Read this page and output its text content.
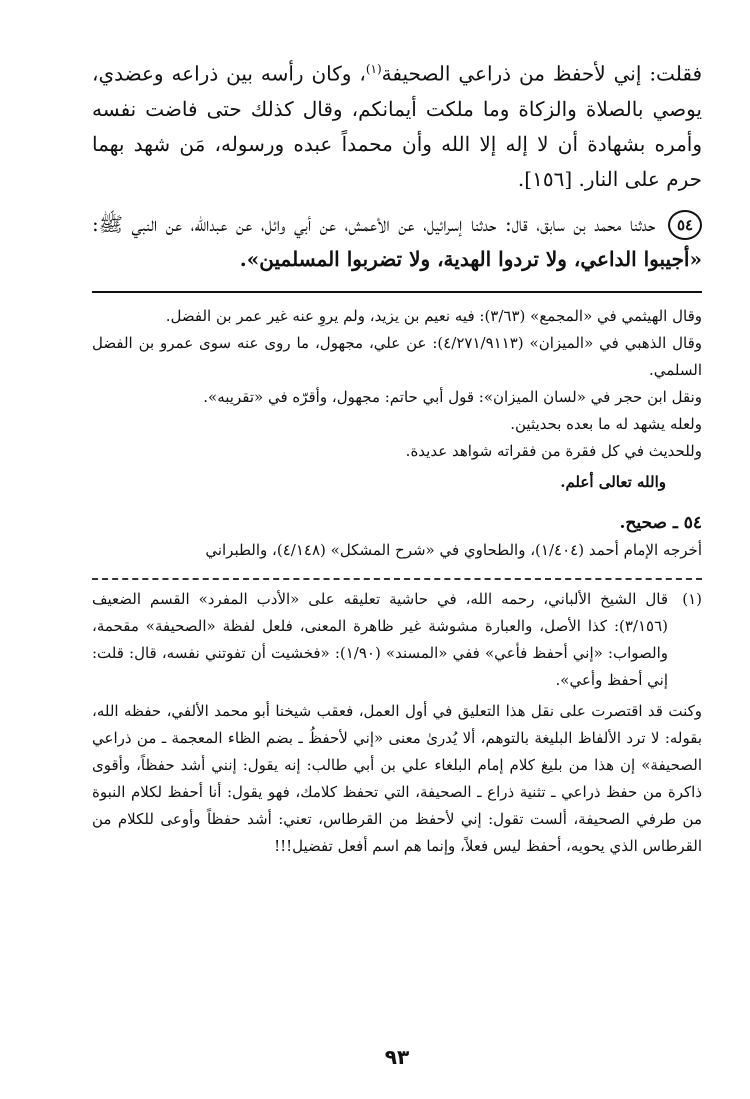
فقلت: إني لأحفظ من ذراعي الصحيفة$^{(١)}$، وكان رأسه بين ذراعه وعضدي، يوصي بالصلاة والزكاة وما ملكت أيمانكم، وقال كذلك حتى فاضت نفسه وأمره بشهادة أن لا إله إلا الله وأن محمداً عبده ورسوله، مَن شهد بهما حرم على النار. [١٥٦].

٥٤ حدثنا محمد بن سابق، قال: حدثنا إسرائيل، عن الأعمش، عن أبي وائل، عن عبدالله، عن النبي ﷺ: «أجيبوا الداعي، ولا تردوا الهدية، ولا تضربوا المسلمين».

وقال الهيثمي في «المجمع» (٣/٦٣): فيه نعيم بن يزيد، ولم يروِ عنه غير عمر بن الفضل.

وقال الذهبي في «الميزان» (٤/٢٧١/٩١١٣): عن علي، مجهول، ما روى عنه سوى عمرو بن الفضل السلمي.

ونقل ابن حجر في «لسان الميزان»: قول أبي حاتم: مجهول، وأقرّه في «تقريبه».

ولعله يشهد له ما بعده بحديثين.

وللحديث في كل فقرة من فقراته شواهد عديدة.

والله تعالى أعلم.

٥٤ ـ صحيح.

أخرجه الإمام أحمد (١/٤٠٤)، والطحاوي في «شرح المشكل» (٤/١٤٨)، والطبراني

(١)
قال الشيخ الألباني، رحمه الله، في حاشية تعليقه على «الأدب المفرد» القسم الضعيف (٣/١٥٦): كذا الأصل، والعبارة مشوشة غير ظاهرة المعنى، فلعل لفظة «الصحيفة» مقحمة، والصواب: «إني أحفظ فأعي» ففي «المسند» (١/٩٠): «فخشيت أن تفوتني نفسه، قال: قلت: إني أحفظ وأعي».

وكنت قد اقتصرت على نقل هذا التعليق في أول العمل، فعقب شيخنا أبو محمد الألفي، حفظه الله، بقوله: لا ترد الألفاظ البليغة بالتوهم، ألا يُدرىٰ معنى «إني لأحفظُ ـ بضم الظاء المعجمة ـ من ذراعي الصحيفة» إن هذا من بليغ كلام إمام البلغاء علي بن أبي طالب: إنه يقول: إنني أشد حفظاً، وأقوى ذاكرة من حفظ ذراعي ـ تثنية ذراع ـ الصحيفة، التي تحفظ كلامك، فهو يقول: أنا أحفظ لكلام النبوة من طرفي الصحيفة، ألست تقول: إني لأحفظ من القرطاس، تعني: أشد حفظاً وأوعى للكلام من القرطاس الذي يحويه، أحفظ ليس فعلاً، وإنما هم اسم أفعل تفضيل!!!

٩٣
